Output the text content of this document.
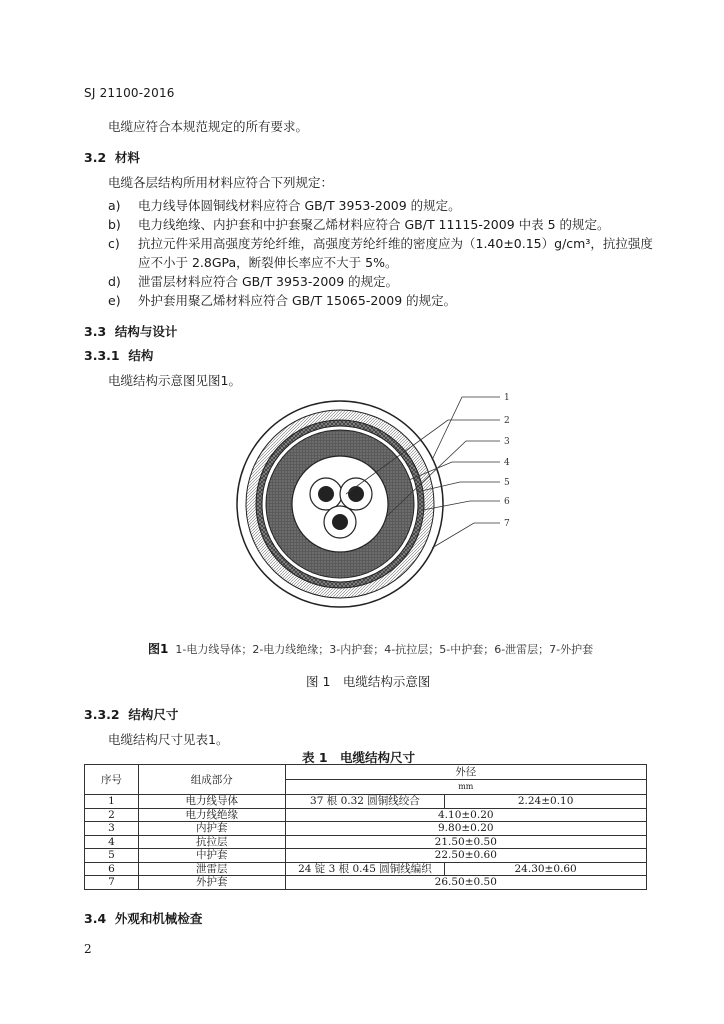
SJ 21100-2016
电缆应符合本规范规定的所有要求。
3.2 材料
电缆各层结构所用材料应符合下列规定：
a) 电力线导体圆铜线材料应符合 GB/T 3953-2009 的规定。
b) 电力线绝缘、内护套和中护套聚乙烯材料应符合 GB/T 11115-2009 中表 5 的规定。
c) 抗拉元件采用高强度芳纶纤维，高强度芳纶纤维的密度应为（1.40±0.15）g/cm³，抗拉强度
应不小于 2.8GPa，断裂伸长率应不大于 5%。
d) 泄雷层材料应符合 GB/T 3953-2009 的规定。
e) 外护套用聚乙烯材料应符合 GB/T 15065-2009 的规定。
3.3 结构与设计
3.3.1 结构
电缆结构示意图见图1。
1
2
3
4
5
6
7
图1 1-电力线导体；2-电力线绝缘；3-内护套；4-抗拉层；5-中护套；6-泄雷层；7-外护套
图 1　电缆结构示意图
3.3.2 结构尺寸
电缆结构尺寸见表1。
表 1　电缆结构尺寸
序号	组成部分	外径	
		mm	
1	电力线导体	37 根 0.32 圆铜线绞合	2.24±0.10
2	电力线绝缘	4.10±0.20	
3	内护套	9.80±0.20	
4	抗拉层	21.50±0.50	
5	中护套	22.50±0.60	
6	泄雷层	24 锭 3 根 0.45 圆铜线编织	24.30±0.60
7	外护套	26.50±0.50	
3.4 外观和机械检查
2
